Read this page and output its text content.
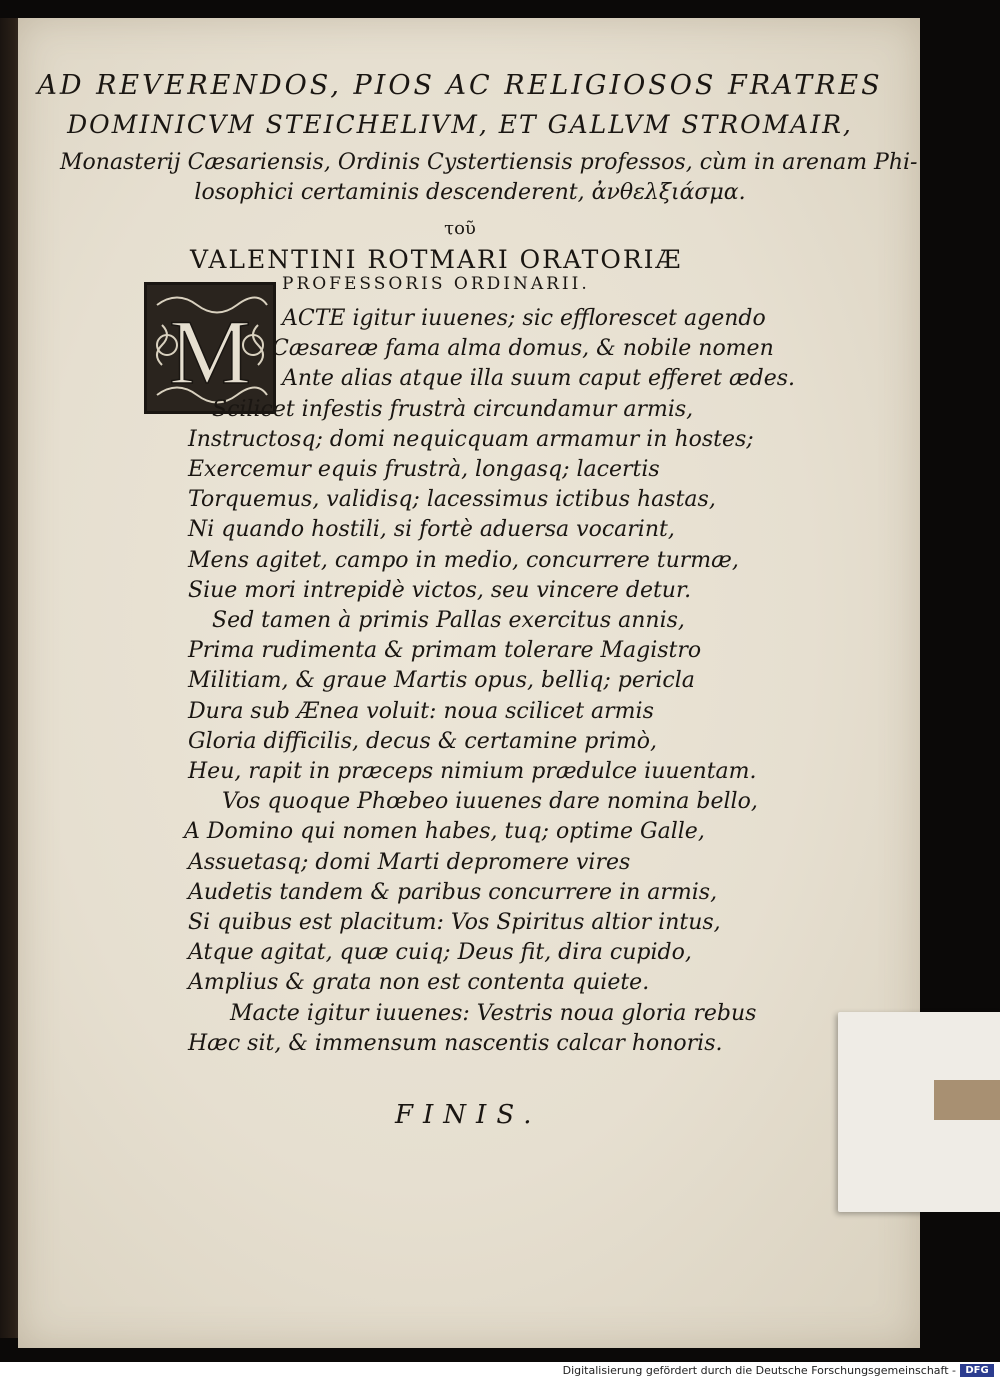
AD REVERENDOS, PIOS AC RELIGIOSOS FRATRES
DOMINICVM STEICHELIVM, ET GALLVM STROMAIR,
Monasterij Cæsariensis, Ordinis Cystertiensis professos, cùm in arenam Phi-
losophici certaminis descenderent, ἀνθελξιάσμα.
τοῦ
VALENTINI ROTMARI ORATORIÆ
PROFESSORIS ORDINARII.
M ACTE igitur iuuenes; sic efflorescet agendo
Cæsareæ fama alma domus, & nobile nomen
Ante alias atque illa suum caput efferet ædes.
Scilicet infestis frustrà circundamur armis,
Instructosq; domi nequicquam armamur in hostes;
Exercemur equis frustrà, longasq; lacertis
Torquemus, validisq; lacessimus ictibus hastas,
Ni quando hostili, si fortè aduersa vocarint,
Mens agitet, campo in medio, concurrere turmæ,
Siue mori intrepidè victos, seu vincere detur.
Sed tamen à primis Pallas exercitus annis,
Prima rudimenta & primam tolerare Magistro
Militiam, & graue Martis opus, belliq; pericla
Dura sub Ænea voluit: noua scilicet armis
Gloria difficilis, decus & certamine primò,
Heu, rapit in præceps nimium prædulce iuuentam.
Vos quoque Phœbeo iuuenes dare nomina bello,
A Domino qui nomen habes, tuq; optime Galle,
Assuetasq; domi Marti depromere vires
Audetis tandem & paribus concurrere in armis,
Si quibus est placitum: Vos Spiritus altior intus,
Atque agitat, quæ cuiq; Deus fit, dira cupido,
Amplius & grata non est contenta quiete.
Macte igitur iuuenes: Vestris noua gloria rebus
Hæc sit, & immensum nascentis calcar honoris.
FINIS.
Digitalisierung gefördert durch die Deutsche Forschungsgemeinschaft - DFG
